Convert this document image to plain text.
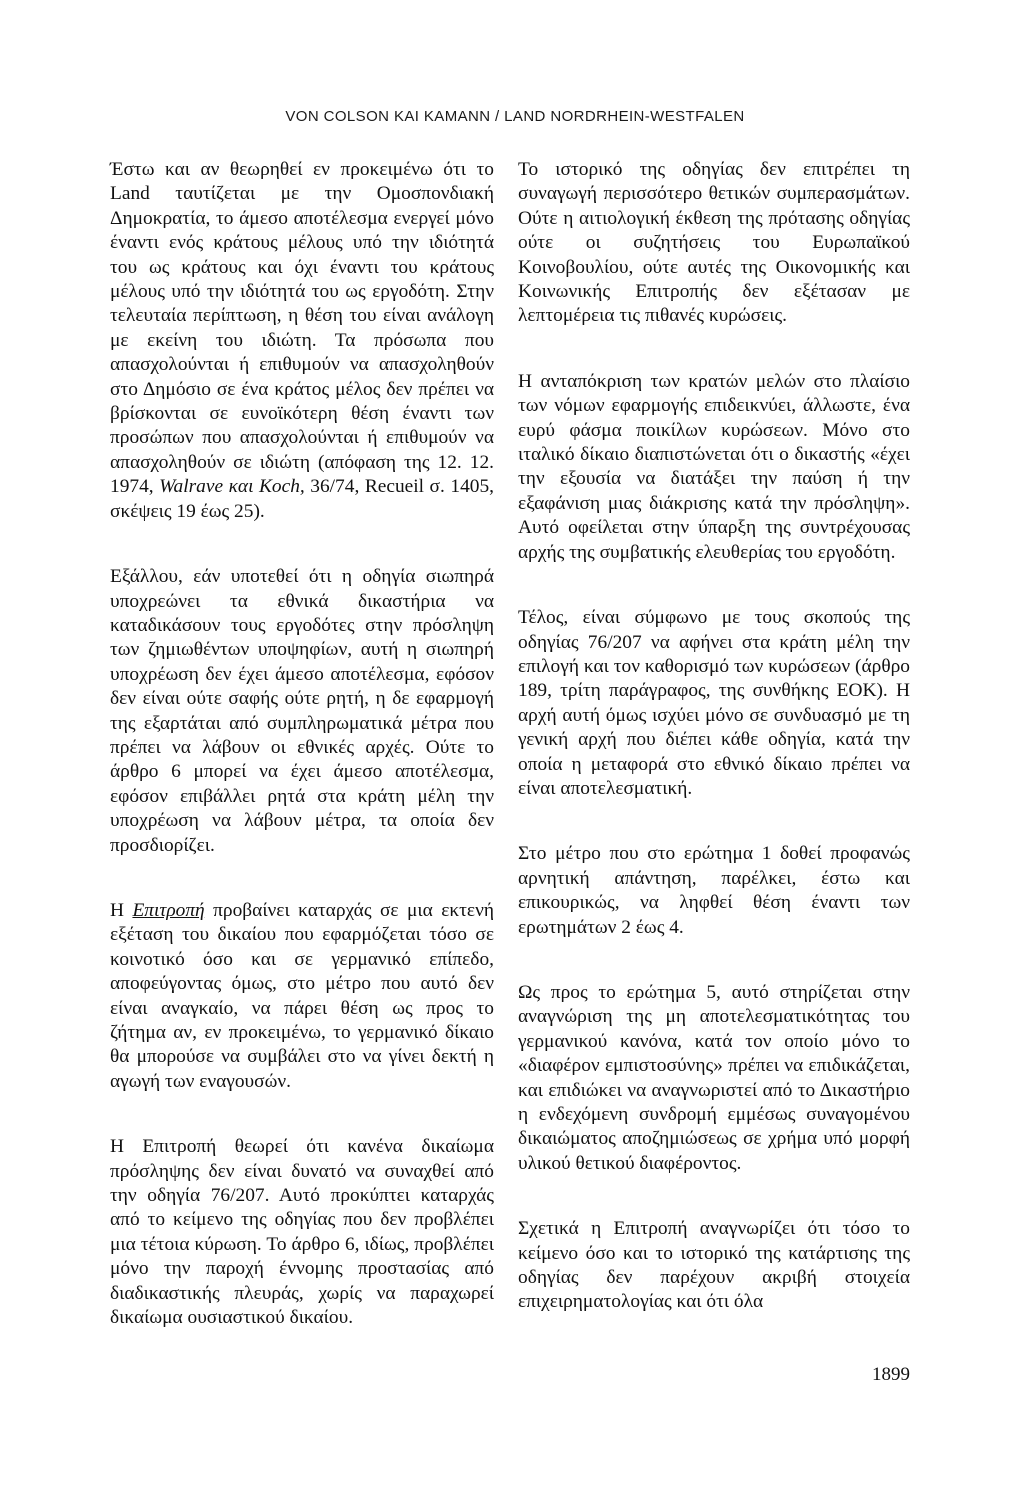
VON COLSON KAI KAMANN / LAND NORDRHEIN-WESTFALEN

Έστω και αν θεωρηθεί εν προκειμένω ότι το Land ταυτίζεται με την Ομοσπονδιακή Δημοκρατία, το άμεσο αποτέλεσμα ενεργεί μόνο έναντι ενός κράτους μέλους υπό την ιδιότητά του ως κράτους και όχι έναντι του κράτους μέλους υπό την ιδιότητά του ως εργοδότη. Στην τελευταία περίπτωση, η θέση του είναι ανάλογη με εκείνη του ιδιώτη. Τα πρόσωπα που απασχολούνται ή επιθυμούν να απασχοληθούν στο Δημόσιο σε ένα κράτος μέλος δεν πρέπει να βρίσκονται σε ευνοϊκότερη θέση έναντι των προσώπων που απασχολούνται ή επιθυμούν να απασχοληθούν σε ιδιώτη (απόφαση της 12. 12. 1974, Walrave και Koch, 36/74, Recueil σ. 1405, σκέψεις 19 έως 25).

Εξάλλου, εάν υποτεθεί ότι η οδηγία σιωπηρά υποχρεώνει τα εθνικά δικαστήρια να καταδικάσουν τους εργοδότες στην πρόσληψη των ζημιωθέντων υποψηφίων, αυτή η σιωπηρή υποχρέωση δεν έχει άμεσο αποτέλεσμα, εφόσον δεν είναι ούτε σαφής ούτε ρητή, η δε εφαρμογή της εξαρτάται από συμπληρωματικά μέτρα που πρέπει να λάβουν οι εθνικές αρχές. Ούτε το άρθρο 6 μπορεί να έχει άμεσο αποτέλεσμα, εφόσον επιβάλλει ρητά στα κράτη μέλη την υποχρέωση να λάβουν μέτρα, τα οποία δεν προσδιορίζει.

Η Επιτροπή προβαίνει καταρχάς σε μια εκτενή εξέταση του δικαίου που εφαρμόζεται τόσο σε κοινοτικό όσο και σε γερμανικό επίπεδο, αποφεύγοντας όμως, στο μέτρο που αυτό δεν είναι αναγκαίο, να πάρει θέση ως προς το ζήτημα αν, εν προκειμένω, το γερμανικό δίκαιο θα μπορούσε να συμβάλει στο να γίνει δεκτή η αγωγή των εναγουσών.

Η Επιτροπή θεωρεί ότι κανένα δικαίωμα πρόσληψης δεν είναι δυνατό να συναχθεί από την οδηγία 76/207. Αυτό προκύπτει καταρχάς από το κείμενο της οδηγίας που δεν προβλέπει μια τέτοια κύρωση. Το άρθρο 6, ιδίως, προβλέπει μόνο την παροχή έννομης προστασίας από διαδικαστικής πλευράς, χωρίς να παραχωρεί δικαίωμα ουσιαστικού δικαίου.

Το ιστορικό της οδηγίας δεν επιτρέπει τη συναγωγή περισσότερο θετικών συμπερασμάτων. Ούτε η αιτιολογική έκθεση της πρότασης οδηγίας ούτε οι συζητήσεις του Ευρωπαϊκού Κοινοβουλίου, ούτε αυτές της Οικονομικής και Κοινωνικής Επιτροπής δεν εξέτασαν με λεπτομέρεια τις πιθανές κυρώσεις.

Η ανταπόκριση των κρατών μελών στο πλαίσιο των νόμων εφαρμογής επιδεικνύει, άλλωστε, ένα ευρύ φάσμα ποικίλων κυρώσεων. Μόνο στο ιταλικό δίκαιο διαπιστώνεται ότι ο δικαστής «έχει την εξουσία να διατάξει την παύση ή την εξαφάνιση μιας διάκρισης κατά την πρόσληψη». Αυτό οφείλεται στην ύπαρξη της συντρέχουσας αρχής της συμβατικής ελευθερίας του εργοδότη.

Τέλος, είναι σύμφωνο με τους σκοπούς της οδηγίας 76/207 να αφήνει στα κράτη μέλη την επιλογή και τον καθορισμό των κυρώσεων (άρθρο 189, τρίτη παράγραφος, της συνθήκης ΕΟΚ). Η αρχή αυτή όμως ισχύει μόνο σε συνδυασμό με τη γενική αρχή που διέπει κάθε οδηγία, κατά την οποία η μεταφορά στο εθνικό δίκαιο πρέπει να είναι αποτελεσματική.

Στο μέτρο που στο ερώτημα 1 δοθεί προφανώς αρνητική απάντηση, παρέλκει, έστω και επικουρικώς, να ληφθεί θέση έναντι των ερωτημάτων 2 έως 4.

Ως προς το ερώτημα 5, αυτό στηρίζεται στην αναγνώριση της μη αποτελεσματικότητας του γερμανικού κανόνα, κατά τον οποίο μόνο το «διαφέρον εμπιστοσύνης» πρέπει να επιδικάζεται, και επιδιώκει να αναγνωριστεί από το Δικαστήριο η ενδεχόμενη συνδρομή εμμέσως συναγομένου δικαιώματος αποζημιώσεως σε χρήμα υπό μορφή υλικού θετικού διαφέροντος.

Σχετικά η Επιτροπή αναγνωρίζει ότι τόσο το κείμενο όσο και το ιστορικό της κατάρτισης της οδηγίας δεν παρέχουν ακριβή στοιχεία επιχειρηματολογίας και ότι όλα

1899
